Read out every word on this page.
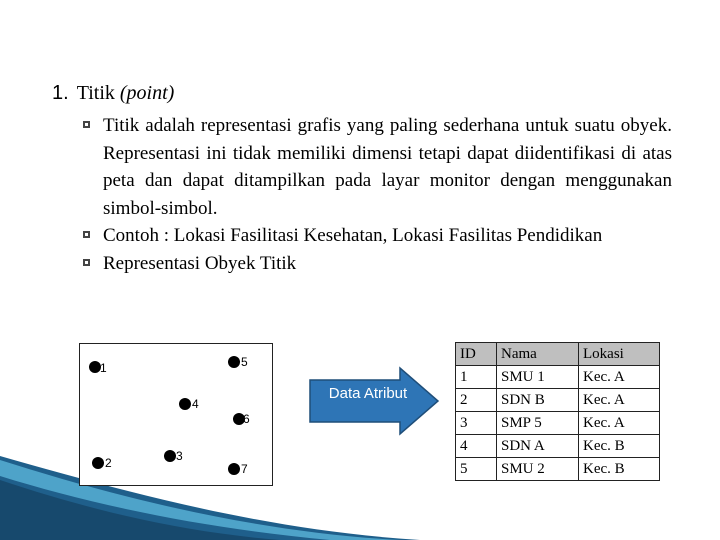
1. Titik (point)
Titik adalah representasi grafis yang paling sederhana untuk suatu obyek. Representasi ini tidak memiliki dimensi tetapi dapat diidentifikasi di atas peta dan dapat ditampilkan pada layar monitor dengan menggunakan simbol-simbol.
Contoh : Lokasi Fasilitasi Kesehatan, Lokasi Fasilitas Pendidikan
Representasi Obyek Titik
1	5
4
6
2	3
7
Data Atribut
ID	Nama	Lokasi
1	SMU 1	Kec. A
2	SDN B	Kec. A
3	SMP 5	Kec. A
4	SDN A	Kec. B
5	SMU 2	Kec. B
